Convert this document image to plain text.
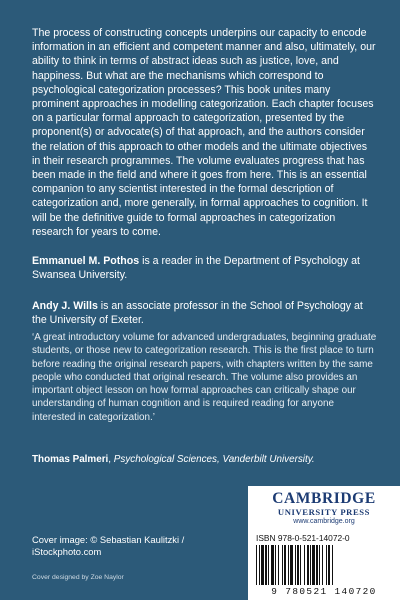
The process of constructing concepts underpins our capacity to encode information in an efficient and competent manner and also, ultimately, our ability to think in terms of abstract ideas such as justice, love, and happiness. But what are the mechanisms which correspond to psychological categorization processes? This book unites many prominent approaches in modelling categorization. Each chapter focuses on a particular formal approach to categorization, presented by the proponent(s) or advocate(s) of that approach, and the authors consider the relation of this approach to other models and the ultimate objectives in their research programmes. The volume evaluates progress that has been made in the field and where it goes from here. This is an essential companion to any scientist interested in the formal description of categorization and, more generally, in formal approaches to cognition. It will be the definitive guide to formal approaches in categorization research for years to come.

Emmanuel M. Pothos is a reader in the Department of Psychology at Swansea University.

Andy J. Wills is an associate professor in the School of Psychology at the University of Exeter.

‘A great introductory volume for advanced undergraduates, beginning graduate students, or those new to categorization research. This is the first place to turn before reading the original research papers, with chapters written by the same people who conducted that original research. The volume also provides an important object lesson on how formal approaches can critically shape our understanding of human cognition and is required reading for anyone interested in categorization.’

Thomas Palmeri, Psychological Sciences, Vanderbilt University.

Cover image: © Sebastian Kaulitzki / iStockphoto.com

Cover designed by Zoe Naylor

CAMBRIDGE
UNIVERSITY PRESS
www.cambridge.org
ISBN 978-0-521-14072-0
9 780521 140720
